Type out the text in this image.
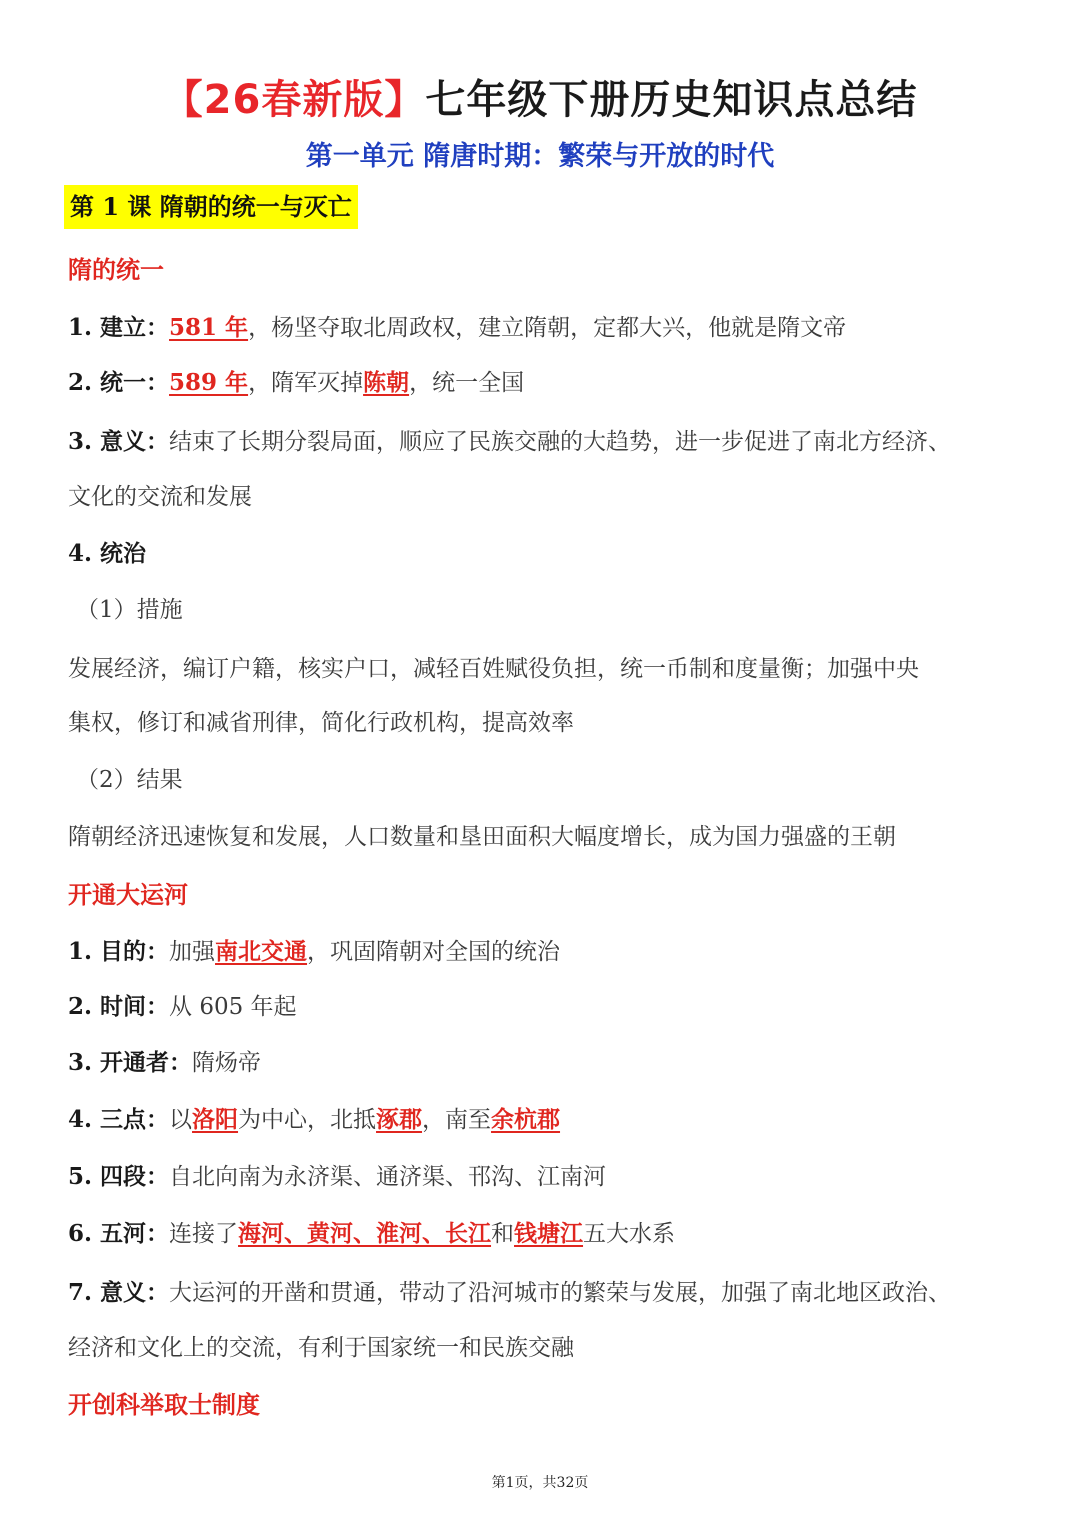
【26春新版】七年级下册历史知识点总结
第一单元 隋唐时期：繁荣与开放的时代
第 1 课 隋朝的统一与灭亡
隋的统一
1. 建立：581 年，杨坚夺取北周政权，建立隋朝，定都大兴，他就是隋文帝
2. 统一：589 年，隋军灭掉陈朝，统一全国
3. 意义：结束了长期分裂局面，顺应了民族交融的大趋势，进一步促进了南北方经济、
文化的交流和发展
4. 统治
（1）措施
发展经济，编订户籍，核实户口，减轻百姓赋役负担，统一币制和度量衡；加强中央
集权，修订和减省刑律，简化行政机构，提高效率
（2）结果
隋朝经济迅速恢复和发展，人口数量和垦田面积大幅度增长，成为国力强盛的王朝
开通大运河
1. 目的：加强南北交通，巩固隋朝对全国的统治
2. 时间：从 605 年起
3. 开通者：隋炀帝
4. 三点：以洛阳为中心，北抵涿郡，南至余杭郡
5. 四段：自北向南为永济渠、通济渠、邗沟、江南河
6. 五河：连接了海河、黄河、淮河、长江和钱塘江五大水系
7. 意义：大运河的开凿和贯通，带动了沿河城市的繁荣与发展，加强了南北地区政治、
经济和文化上的交流，有利于国家统一和民族交融
开创科举取士制度
第1页，共32页
